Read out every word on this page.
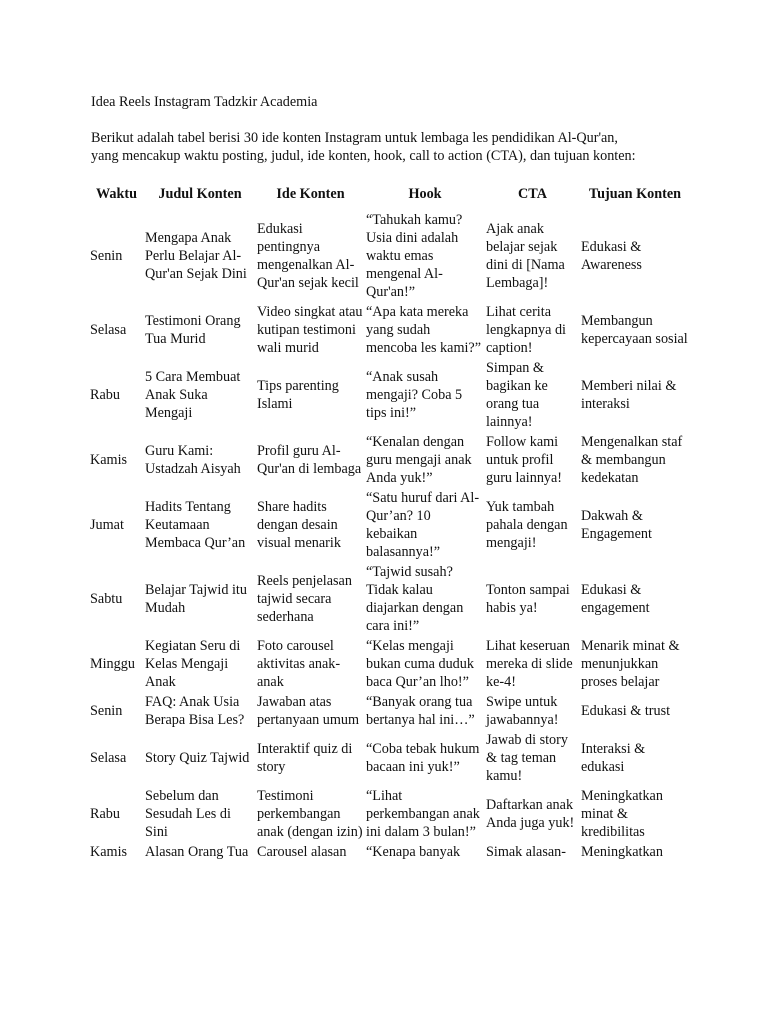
Idea Reels Instagram Tadzkir Academia

Berikut adalah tabel berisi 30 ide konten Instagram untuk lembaga les pendidikan Al-Qur'an,
yang mencakup waktu posting, judul, ide konten, hook, call to action (CTA), dan tujuan konten:

Waktu	Judul Konten	Ide Konten	Hook	CTA	Tujuan Konten
Senin	Mengapa Anak Perlu Belajar Al-Qur'an Sejak Dini	Edukasi pentingnya mengenalkan Al-Qur'an sejak kecil	“Tahukah kamu? Usia dini adalah waktu emas mengenal Al-Qur'an!”	Ajak anak belajar sejak dini di [Nama Lembaga]!	Edukasi & Awareness
Selasa	Testimoni Orang Tua Murid	Video singkat atau kutipan testimoni wali murid	“Apa kata mereka yang sudah mencoba les kami?”	Lihat cerita lengkapnya di caption!	Membangun kepercayaan sosial
Rabu	5 Cara Membuat Anak Suka Mengaji	Tips parenting Islami	“Anak susah mengaji? Coba 5 tips ini!”	Simpan & bagikan ke orang tua lainnya!	Memberi nilai & interaksi
Kamis	Guru Kami: Ustadzah Aisyah	Profil guru Al-Qur'an di lembaga	“Kenalan dengan guru mengaji anak Anda yuk!”	Follow kami untuk profil guru lainnya!	Mengenalkan staf & membangun kedekatan
Jumat	Hadits Tentang Keutamaan Membaca Qur’an	Share hadits dengan desain visual menarik	“Satu huruf dari Al-Qur’an? 10 kebaikan balasannya!”	Yuk tambah pahala dengan mengaji!	Dakwah & Engagement
Sabtu	Belajar Tajwid itu Mudah	Reels penjelasan tajwid secara sederhana	“Tajwid susah? Tidak kalau diajarkan dengan cara ini!”	Tonton sampai habis ya!	Edukasi & engagement
Minggu	Kegiatan Seru di Kelas Mengaji Anak	Foto carousel aktivitas anak-anak	“Kelas mengaji bukan cuma duduk baca Qur’an lho!”	Lihat keseruan mereka di slide ke-4!	Menarik minat & menunjukkan proses belajar
Senin	FAQ: Anak Usia Berapa Bisa Les?	Jawaban atas pertanyaan umum	“Banyak orang tua bertanya hal ini…”	Swipe untuk jawabannya!	Edukasi & trust
Selasa	Story Quiz Tajwid	Interaktif quiz di story	“Coba tebak hukum bacaan ini yuk!”	Jawab di story & tag teman kamu!	Interaksi & edukasi
Rabu	Sebelum dan Sesudah Les di Sini	Testimoni perkembangan anak (dengan izin)	“Lihat perkembangan anak ini dalam 3 bulan!”	Daftarkan anak Anda juga yuk!	Meningkatkan minat & kredibilitas
Kamis	Alasan Orang Tua	Carousel alasan	“Kenapa banyak	Simak alasan-	Meningkatkan
